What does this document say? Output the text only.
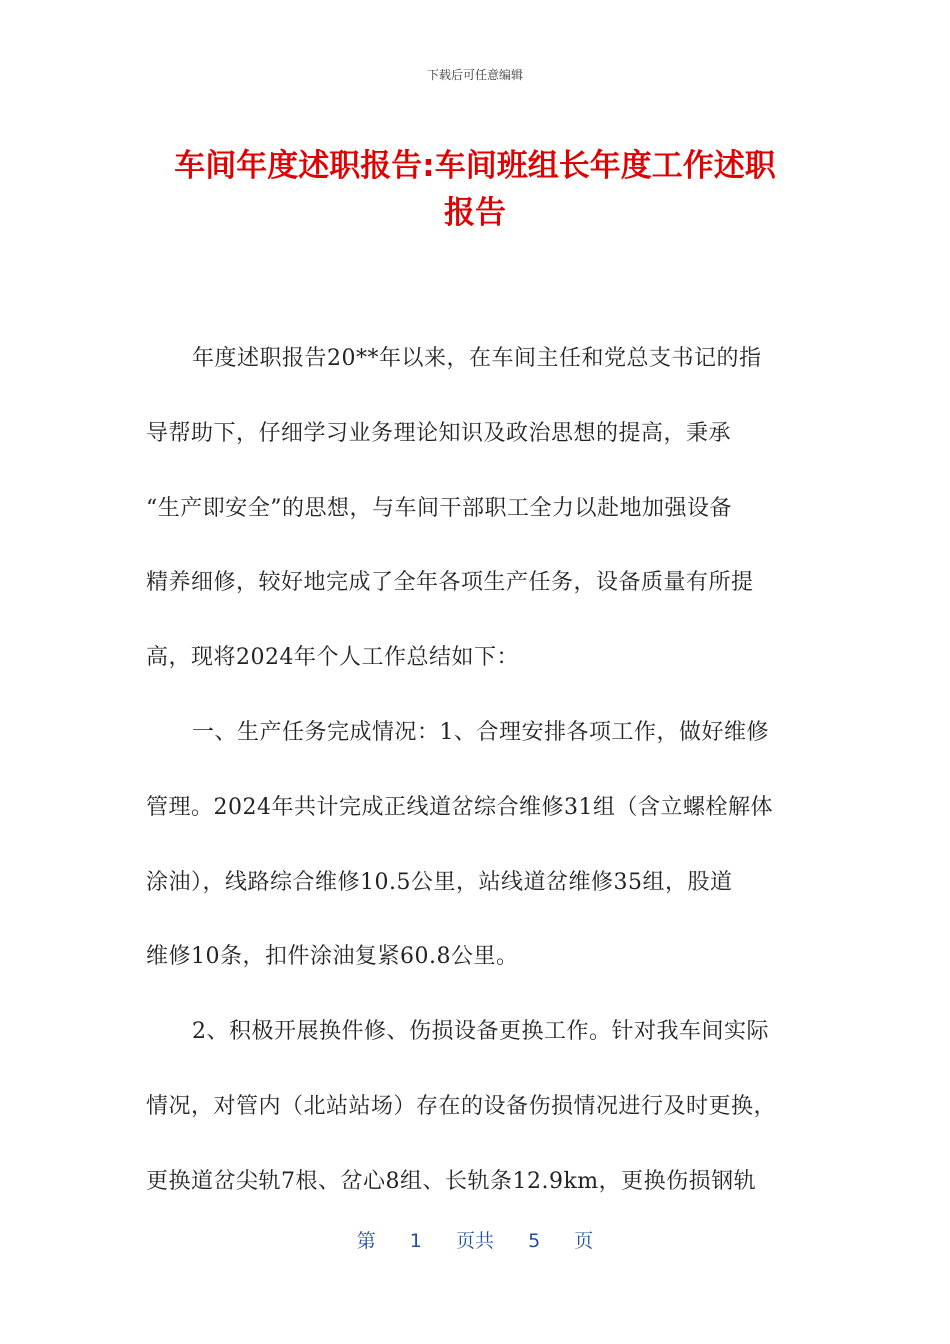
下载后可任意编辑
车间年度述职报告:车间班组长年度工作述职
报告
年度述职报告20**年以来，在车间主任和党总支书记的指
导帮助下，仔细学习业务理论知识及政治思想的提高，秉承
“生产即安全”的思想，与车间干部职工全力以赴地加强设备
精养细修，较好地完成了全年各项生产任务，设备质量有所提
高，现将2024年个人工作总结如下：
一、生产任务完成情况：1、合理安排各项工作，做好维修
管理。2024年共计完成正线道岔综合维修31组（含立螺栓解体
涂油），线路综合维修10.5公里，站线道岔维修35组，股道
维修10条，扣件涂油复紧60.8公里。
2、积极开展换件修、伤损设备更换工作。针对我车间实际
情况，对管内（北站站场）存在的设备伤损情况进行及时更换，
更换道岔尖轨7根、岔心8组、长轨条12.9km，更换伤损钢轨
第 1 页共 5 页
